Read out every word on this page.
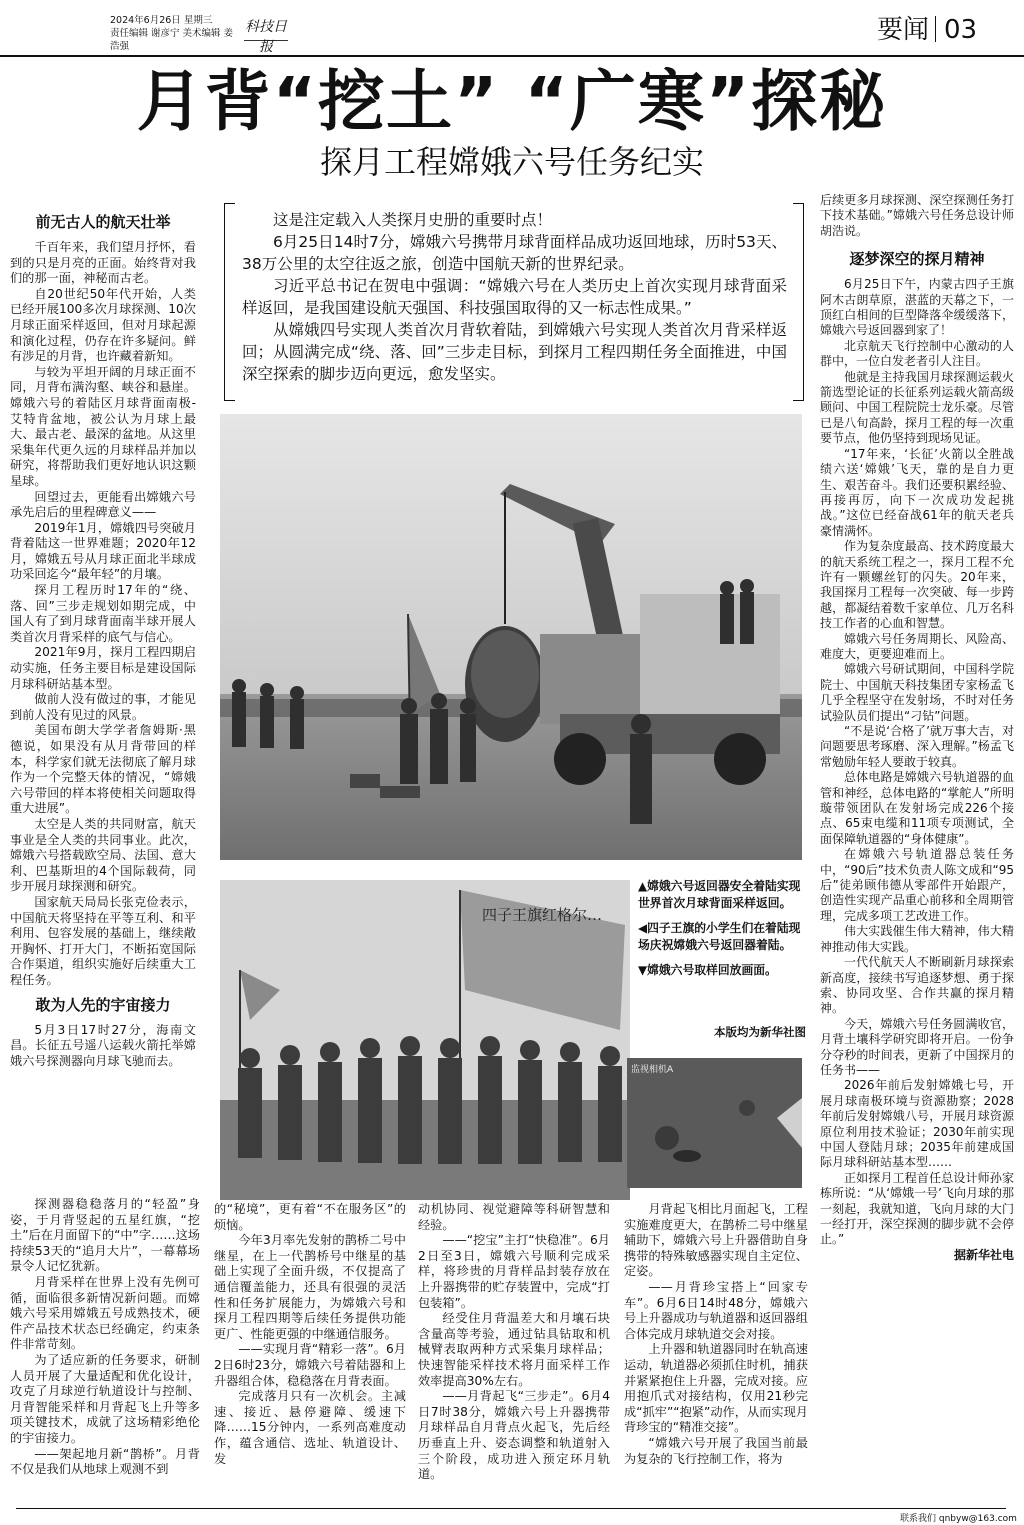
2024年6月26日 星期三
责任编辑 谢彦宁 美术编辑 姜浩强
科技日报
要闻 03
月背“挖土” “广寒”探秘
探月工程嫦娥六号任务纪实

这是注定载入人类探月史册的重要时点！

6月25日14时7分，嫦娥六号携带月球背面样品成功返回地球，历时53天、38万公里的太空往返之旅，创造中国航天新的世界纪录。

习近平总书记在贺电中强调：“嫦娥六号在人类历史上首次实现月球背面采样返回，是我国建设航天强国、科技强国取得的又一标志性成果。”

从嫦娥四号实现人类首次月背软着陆，到嫦娥六号实现人类首次月背采样返回；从圆满完成“绕、落、回”三步走目标，到探月工程四期任务全面推进，中国深空探索的脚步迈向更远，愈发坚实。

前无古人的航天壮举

千百年来，我们望月抒怀，看到的只是月亮的正面。始终背对我们的那一面，神秘而古老。

自20世纪50年代开始，人类已经开展100多次月球探测、10次月球正面采样返回，但对月球起源和演化过程，仍存在许多疑问。鲜有涉足的月背，也许藏着新知。

与较为平坦开阔的月球正面不同，月背布满沟壑、峡谷和悬崖。嫦娥六号的着陆区月球背面南极-艾特肯盆地，被公认为月球上最大、最古老、最深的盆地。从这里采集年代更久远的月球样品并加以研究，将帮助我们更好地认识这颗星球。

回望过去，更能看出嫦娥六号承先启后的里程碑意义——

2019年1月，嫦娥四号突破月背着陆这一世界难题；2020年12月，嫦娥五号从月球正面北半球成功采回迄今“最年轻”的月壤。

探月工程历时17年的“绕、落、回”三步走规划如期完成，中国人有了到月球背面南半球开展人类首次月背采样的底气与信心。

2021年9月，探月工程四期启动实施，任务主要目标是建设国际月球科研站基本型。

做前人没有做过的事，才能见到前人没有见过的风景。

美国布朗大学学者詹姆斯·黑德说，如果没有从月背带回的样本，科学家们就无法彻底了解月球作为一个完整天体的情况，“嫦娥六号带回的样本将使相关问题取得重大进展”。

太空是人类的共同财富，航天事业是全人类的共同事业。此次，嫦娥六号搭载欧空局、法国、意大利、巴基斯坦的4个国际载荷，同步开展月球探测和研究。

国家航天局局长张克俭表示，中国航天将坚持在平等互利、和平利用、包容发展的基础上，继续敞开胸怀、打开大门，不断拓宽国际合作渠道，组织实施好后续重大工程任务。

敢为人先的宇宙接力

5月3日17时27分，海南文昌。长征五号遥八运载火箭托举嫦娥六号探测器向月球飞驰而去。

四子王旗红格尔…

▲嫦娥六号返回器安全着陆实现世界首次月球背面采样返回。

◀四子王旗的小学生们在着陆现场庆祝嫦娥六号返回器着陆。

▼嫦娥六号取样回放画面。

本版均为新华社图
监视相机A

探测器稳稳落月的“轻盈”身姿，于月背竖起的五星红旗，“挖土”后在月面留下的“中”字……这场持续53天的“追月大片”，一幕幕场景令人记忆犹新。

月背采样在世界上没有先例可循，面临很多新情况新问题。而嫦娥六号采用嫦娥五号成熟技术，硬件产品技术状态已经确定，约束条件非常苛刻。

为了适应新的任务要求，研制人员开展了大量适配和优化设计，攻克了月球逆行轨道设计与控制、月背智能采样和月背起飞上升等多项关键技术，成就了这场精彩绝伦的宇宙接力。

——架起地月新“鹊桥”。月背不仅是我们从地球上观测不到

的“秘境”，更有着“不在服务区”的烦恼。

今年3月率先发射的鹊桥二号中继星，在上一代鹊桥号中继星的基础上实现了全面升级，不仅提高了通信覆盖能力，还具有很强的灵活性和任务扩展能力，为嫦娥六号和探月工程四期等后续任务提供功能更广、性能更强的中继通信服务。

——实现月背“精彩一落”。6月2日6时23分，嫦娥六号着陆器和上升器组合体，稳稳落在月背表面。

完成落月只有一次机会。主减速、接近、悬停避障、缓速下降……15分钟内，一系列高难度动作，蕴含通信、选址、轨道设计、发

动机协同、视觉避障等科研智慧和经验。

——“挖宝”主打“快稳准”。6月2日至3日，嫦娥六号顺利完成采样，将珍贵的月背样品封装存放在上升器携带的贮存装置中，完成“打包装箱”。

经受住月背温差大和月壤石块含量高等考验，通过钻具钻取和机械臂表取两种方式采集月球样品；快速智能采样技术将月面采样工作效率提高30%左右。

——月背起飞“三步走”。6月4日7时38分，嫦娥六号上升器携带月球样品自月背点火起飞，先后经历垂直上升、姿态调整和轨道射入三个阶段，成功进入预定环月轨道。

月背起飞相比月面起飞，工程实施难度更大，在鹊桥二号中继星辅助下，嫦娥六号上升器借助自身携带的特殊敏感器实现自主定位、定姿。

——月背珍宝搭上“回家专车”。6月6日14时48分，嫦娥六号上升器成功与轨道器和返回器组合体完成月球轨道交会对接。

上升器和轨道器同时在轨高速运动，轨道器必须抓住时机，捕获并紧紧抱住上升器，完成对接。应用抱爪式对接结构，仅用21秒完成“抓牢”“抱紧”动作，从而实现月背珍宝的“精准交接”。

“嫦娥六号开展了我国当前最为复杂的飞行控制工作，将为

后续更多月球探测、深空探测任务打下技术基础。”嫦娥六号任务总设计师胡浩说。

逐梦深空的探月精神

6月25日下午，内蒙古四子王旗阿木古朗草原，湛蓝的天幕之下，一顶红白相间的巨型降落伞缓缓落下，嫦娥六号返回器到家了！

北京航天飞行控制中心激动的人群中，一位白发老者引人注目。

他就是主持我国月球探测运载火箭选型论证的长征系列运载火箭高级顾问、中国工程院院士龙乐豪。尽管已是八旬高龄，探月工程的每一次重要节点，他仍坚持到现场见证。

“17年来，‘长征’火箭以全胜战绩六送‘嫦娥’飞天，靠的是自力更生、艰苦奋斗。我们还要积累经验、再接再厉，向下一次成功发起挑战。”这位已经奋战61年的航天老兵豪情满怀。

作为复杂度最高、技术跨度最大的航天系统工程之一，探月工程不允许有一颗螺丝钉的闪失。20年来，我国探月工程每一次突破、每一步跨越，都凝结着数千家单位、几万名科技工作者的心血和智慧。

嫦娥六号任务周期长、风险高、难度大，更要迎难而上。

嫦娥六号研试期间，中国科学院院士、中国航天科技集团专家杨孟飞几乎全程坚守在发射场，不时对任务试验队员们提出“刁钻”问题。

“不是说‘合格了’就万事大吉，对问题要思考琢磨、深入理解。”杨孟飞常勉励年轻人要敢于较真。

总体电路是嫦娥六号轨道器的血管和神经，总体电路的“掌舵人”所明璇带领团队在发射场完成226个接点、65束电缆和11项专项测试，全面保障轨道器的“身体健康”。

在嫦娥六号轨道器总装任务中，“90后”技术负责人陈文成和“95后”徒弟顾伟德从零部件开始跟产，创造性实现产品重心前移和全周期管理，完成多项工艺改进工作。

伟大实践催生伟大精神，伟大精神推动伟大实践。

一代代航天人不断刷新月球探索新高度，接续书写追逐梦想、勇于探索、协同攻坚、合作共赢的探月精神。

今天，嫦娥六号任务圆满收官，月背土壤科学研究即将开启。一份争分夺秒的时间表，更新了中国探月的任务书——

2026年前后发射嫦娥七号，开展月球南极环境与资源勘察；2028年前后发射嫦娥八号，开展月球资源原位利用技术验证；2030年前实现中国人登陆月球；2035年前建成国际月球科研站基本型……

正如探月工程首任总设计师孙家栋所说：“从‘嫦娥一号’飞向月球的那一刻起，我就知道，飞向月球的大门一经打开，深空探测的脚步就不会停止。”

据新华社电
联系我们 qnbyw@163.com
